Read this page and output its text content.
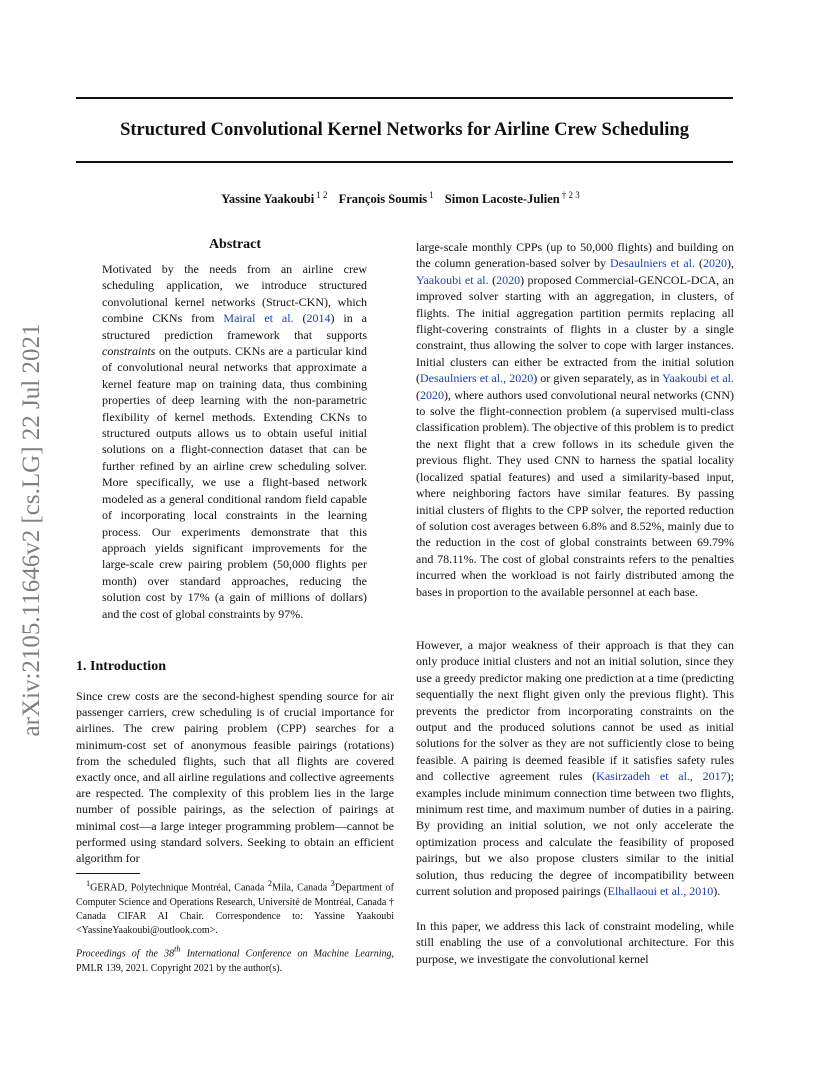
Structured Convolutional Kernel Networks for Airline Crew Scheduling
Yassine Yaakoubi $^{1 2}$ François Soumis $^1$ Simon Lacoste-Julien $^{\dagger 2 3}$
arXiv:2105.11646v2 [cs.LG] 22 Jul 2021
Abstract
Motivated by the needs from an airline crew scheduling application, we introduce structured convolutional kernel networks (Struct-CKN), which combine CKNs from Mairal et al. (2014) in a structured prediction framework that supports constraints on the outputs. CKNs are a particular kind of convolutional neural networks that approximate a kernel feature map on training data, thus combining properties of deep learning with the non-parametric flexibility of kernel methods. Extending CKNs to structured outputs allows us to obtain useful initial solutions on a flight-connection dataset that can be further refined by an airline crew scheduling solver. More specifically, we use a flight-based network modeled as a general conditional random field capable of incorporating local constraints in the learning process. Our experiments demonstrate that this approach yields significant improvements for the large-scale crew pairing problem (50,000 flights per month) over standard approaches, reducing the solution cost by 17% (a gain of millions of dollars) and the cost of global constraints by 97%.
1. Introduction
Since crew costs are the second-highest spending source for air passenger carriers, crew scheduling is of crucial importance for airlines. The crew pairing problem (CPP) searches for a minimum-cost set of anonymous feasible pairings (rotations) from the scheduled flights, such that all flights are covered exactly once, and all airline regulations and collective agreements are respected. The complexity of this problem lies in the large number of possible pairings, as the selection of pairings at minimal cost—a large integer programming problem—cannot be performed using standard solvers. Seeking to obtain an efficient algorithm for
$^1$GERAD, Polytechnique Montréal, Canada $^2$Mila, Canada $^3$Department of Computer Science and Operations Research, Université de Montréal, Canada † Canada CIFAR AI Chair. Correspondence to: Yassine Yaakoubi <YassineYaakoubi@outlook.com>.
Proceedings of the 38th International Conference on Machine Learning, PMLR 139, 2021. Copyright 2021 by the author(s).
large-scale monthly CPPs (up to 50,000 flights) and building on the column generation-based solver by Desaulniers et al. (2020), Yaakoubi et al. (2020) proposed Commercial-GENCOL-DCA, an improved solver starting with an aggregation, in clusters, of flights. The initial aggregation partition permits replacing all flight-covering constraints of flights in a cluster by a single constraint, thus allowing the solver to cope with larger instances. Initial clusters can either be extracted from the initial solution (Desaulniers et al., 2020) or given separately, as in Yaakoubi et al. (2020), where authors used convolutional neural networks (CNN) to solve the flight-connection problem (a supervised multi-class classification problem). The objective of this problem is to predict the next flight that a crew follows in its schedule given the previous flight. They used CNN to harness the spatial locality (localized spatial features) and used a similarity-based input, where neighboring factors have similar features. By passing initial clusters of flights to the CPP solver, the reported reduction of solution cost averages between 6.8% and 8.52%, mainly due to the reduction in the cost of global constraints between 69.79% and 78.11%. The cost of global constraints refers to the penalties incurred when the workload is not fairly distributed among the bases in proportion to the available personnel at each base.
However, a major weakness of their approach is that they can only produce initial clusters and not an initial solution, since they use a greedy predictor making one prediction at a time (predicting sequentially the next flight given only the previous flight). This prevents the predictor from incorporating constraints on the output and the produced solutions cannot be used as initial solutions for the solver as they are not sufficiently close to being feasible. A pairing is deemed feasible if it satisfies safety rules and collective agreement rules (Kasirzadeh et al., 2017); examples include minimum connection time between two flights, minimum rest time, and maximum number of duties in a pairing. By providing an initial solution, we not only accelerate the optimization process and calculate the feasibility of proposed pairings, but we also propose clusters similar to the initial solution, thus reducing the degree of incompatibility between current solution and proposed pairings (Elhallaoui et al., 2010).
In this paper, we address this lack of constraint modeling, while still enabling the use of a convolutional architecture. For this purpose, we investigate the convolutional kernel
